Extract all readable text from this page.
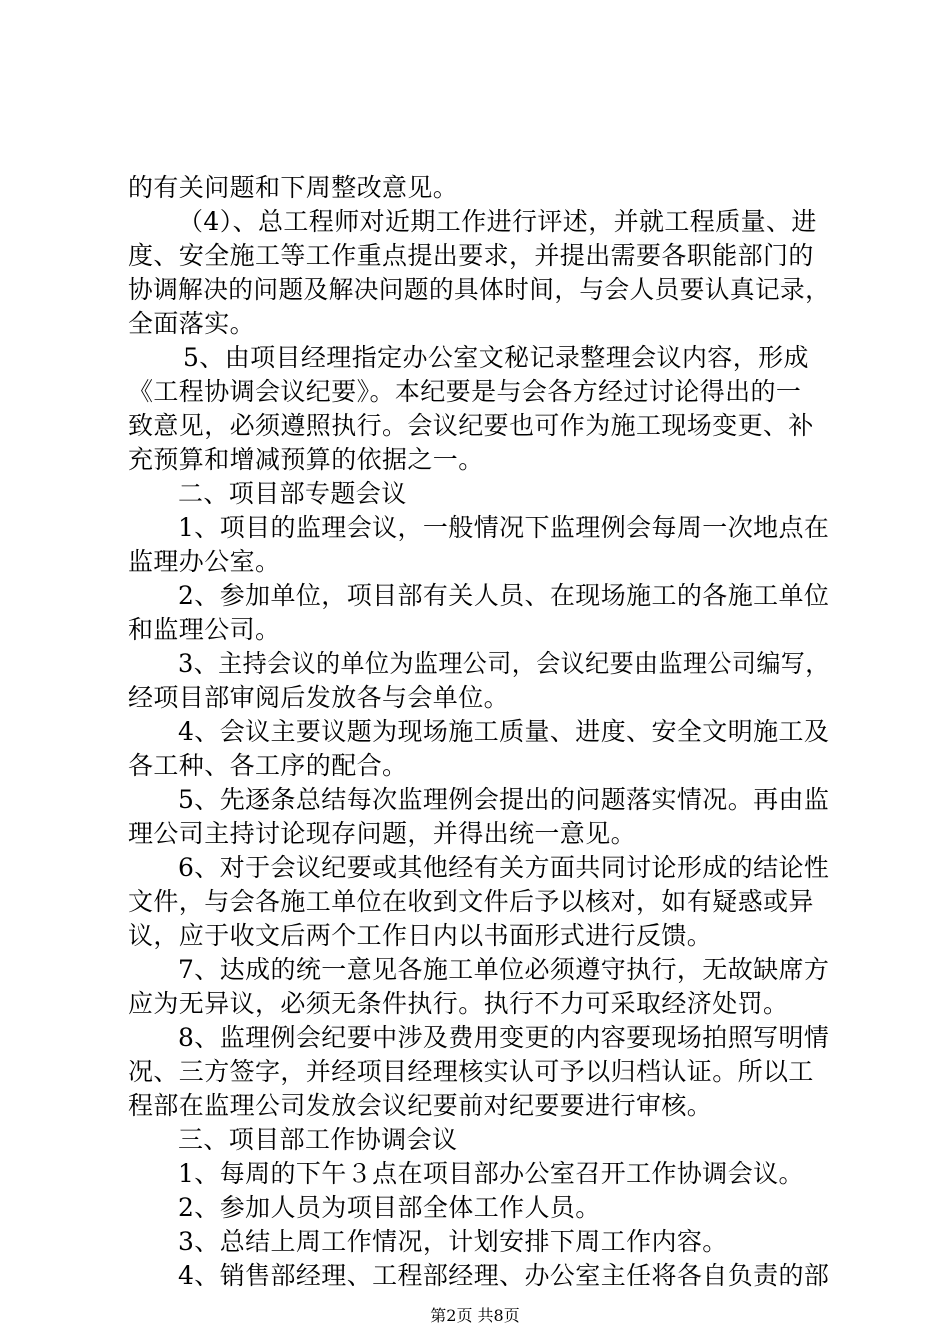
的有关问题和下周整改意见。
（4）、总工程师对近期工作进行评述，并就工程质量、进
度、安全施工等工作重点提出要求，并提出需要各职能部门的
协调解决的问题及解决问题的具体时间，与会人员要认真记录，
全面落实。
5、由项目经理指定办公室文秘记录整理会议内容，形成
《工程协调会议纪要》。本纪要是与会各方经过讨论得出的一
致意见，必须遵照执行。会议纪要也可作为施工现场变更、补
充预算和增减预算的依据之一。
二、项目部专题会议
1、项目的监理会议，一般情况下监理例会每周一次地点在
监理办公室。
2、参加单位，项目部有关人员、在现场施工的各施工单位
和监理公司。
3、主持会议的单位为监理公司，会议纪要由监理公司编写，
经项目部审阅后发放各与会单位。
4、会议主要议题为现场施工质量、进度、安全文明施工及
各工种、各工序的配合。
5、先逐条总结每次监理例会提出的问题落实情况。再由监
理公司主持讨论现存问题，并得出统一意见。
6、对于会议纪要或其他经有关方面共同讨论形成的结论性
文件，与会各施工单位在收到文件后予以核对，如有疑惑或异
议，应于收文后两个工作日内以书面形式进行反馈。
7、达成的统一意见各施工单位必须遵守执行，无故缺席方
应为无异议，必须无条件执行。执行不力可采取经济处罚。
8、监理例会纪要中涉及费用变更的内容要现场拍照写明情
况、三方签字，并经项目经理核实认可予以归档认证。所以工
程部在监理公司发放会议纪要前对纪要要进行审核。
三、项目部工作协调会议
1、每周的下午３点在项目部办公室召开工作协调会议。
2、参加人员为项目部全体工作人员。
3、总结上周工作情况，计划安排下周工作内容。
4、销售部经理、工程部经理、办公室主任将各自负责的部
第2页 共8页
